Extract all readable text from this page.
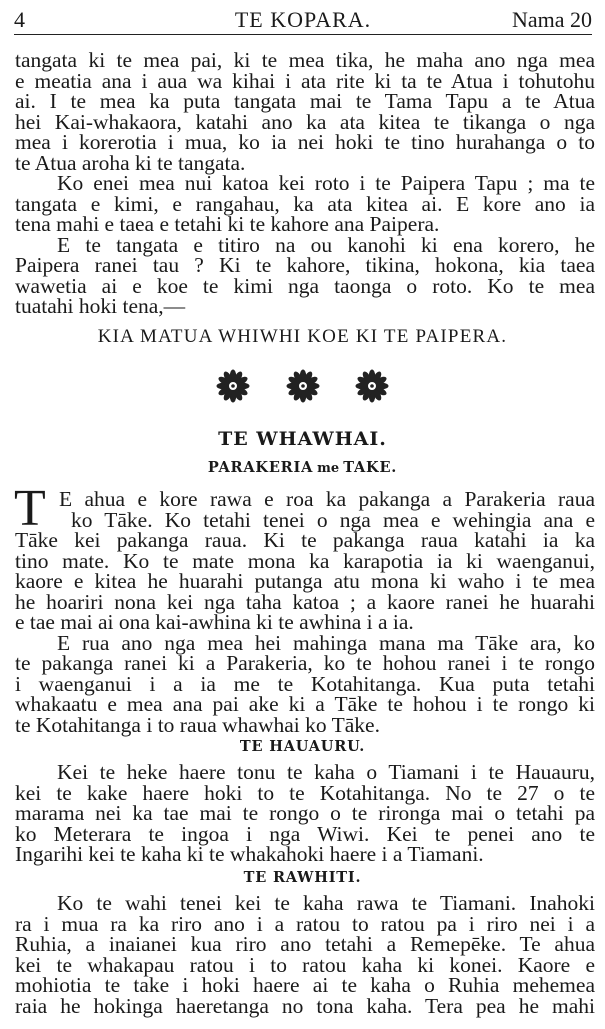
4	TE KOPARA.	Nama 20
tangata ki te mea pai, ki te mea tika, he maha ano nga mea
e meatia ana i aua wa kihai i ata rite ki ta te Atua i tohutohu
ai. I te mea ka puta tangata mai te Tama Tapu a te Atua
hei Kai-whakaora, katahi ano ka ata kitea te tikanga o nga
mea i korerotia i mua, ko ia nei hoki te tino hurahanga o to
te Atua aroha ki te tangata.
Ko enei mea nui katoa kei roto i te Paipera Tapu ; ma te
tangata e kimi, e rangahau, ka ata kitea ai. E kore ano ia
tena mahi e taea e tetahi ki te kahore ana Paipera.
E te tangata e titiro na ou kanohi ki ena korero, he
Paipera ranei tau ? Ki te kahore, tikina, hokona, kia taea
wawetia ai e koe te kimi nga taonga o roto. Ko te mea
tuatahi hoki tena,—
KIA MATUA WHIWHI KOE KI TE PAIPERA.

TE WHAWHAI.
PARAKERIA me TAKE.
T E ahua e kore rawa e roa ka pakanga a Parakeria raua
ko Tāke. Ko tetahi tenei o nga mea e wehingia ana e
Tāke kei pakanga raua. Ki te pakanga raua katahi ia ka
tino mate. Ko te mate mona ka karapotia ia ki waenganui,
kaore e kitea he huarahi putanga atu mona ki waho i te mea
he hoariri nona kei nga taha katoa ; a kaore ranei he huarahi
e tae mai ai ona kai-awhina ki te awhina i a ia.
E rua ano nga mea hei mahinga mana ma Tāke ara, ko
te pakanga ranei ki a Parakeria, ko te hohou ranei i te rongo
i waenganui i a ia me te Kotahitanga. Kua puta tetahi
whakaatu e mea ana pai ake ki a Tāke te hohou i te rongo ki
te Kotahitanga i to raua whawhai ko Tāke.
TE HAUAURU.
Kei te heke haere tonu te kaha o Tiamani i te Hauauru,
kei te kake haere hoki to te Kotahitanga. No te 27 o te
marama nei ka tae mai te rongo o te rironga mai o tetahi pa
ko Meterara te ingoa i nga Wiwi. Kei te penei ano te
Ingarihi kei te kaha ki te whakahoki haere i a Tiamani.
TE RAWHITI.
Ko te wahi tenei kei te kaha rawa te Tiamani. Inahoki
ra i mua ra ka riro ano i a ratou to ratou pa i riro nei i a
Ruhia, a inaianei kua riro ano tetahi a Remepēke. Te ahua
kei te whakapau ratou i to ratou kaha ki konei. Kaore e
mohiotia te take i hoki haere ai te kaha o Ruhia mehemea
raia he hokinga haeretanga no tona kaha. Tera pea he mahi
